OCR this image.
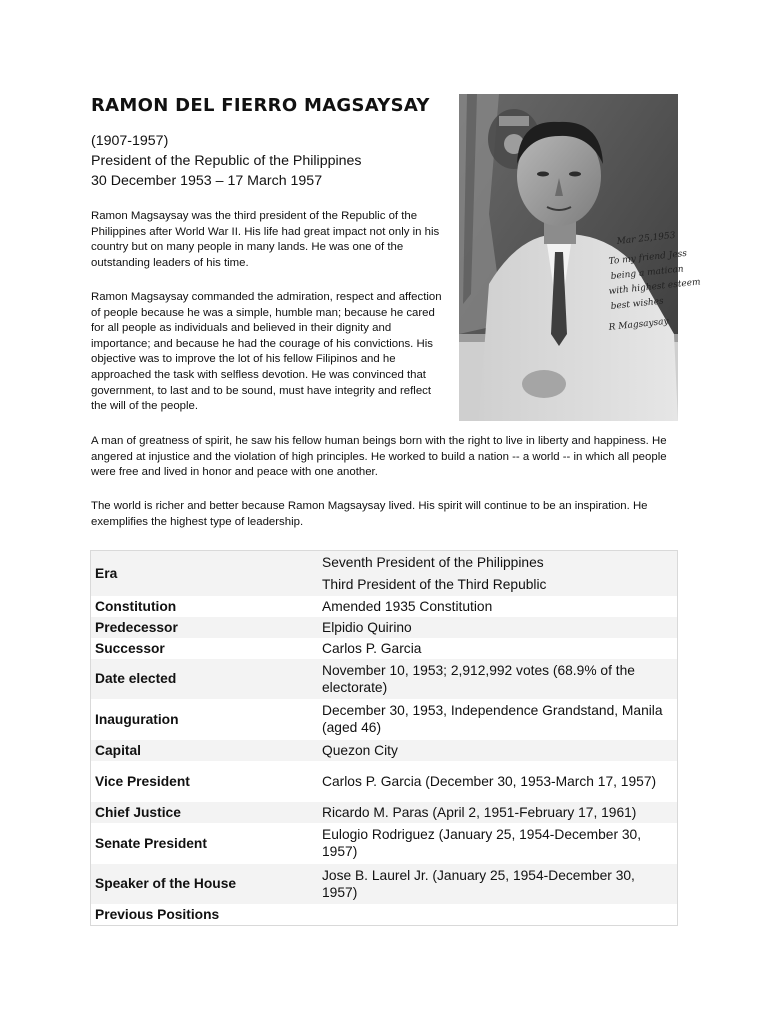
RAMON DEL FIERRO MAGSAYSAY
(1907-1957)
President of the Republic of the Philippines
30 December 1953 – 17 March 1957

Ramon Magsaysay was the third president of the Republic of the Philippines after World War II. His life had great impact not only in his country but on many people in many lands. He was one of the outstanding leaders of his time.

Ramon Magsaysay commanded the admiration, respect and affection of people because he was a simple, humble man; because he cared for all people as individuals and believed in their dignity and importance; and because he had the courage of his convictions. His objective was to improve the lot of his fellow Filipinos and he approached the task with selfless devotion. He was convinced that government, to last and to be sound, must have integrity and reflect the will of the people.

Mar 25,1953
To my friend Jess
being a matican
with highest esteem
best wishes
R Magsaysay

A man of greatness of spirit, he saw his fellow human beings born with the right to live in liberty and happiness. He angered at injustice and the violation of high principles. He worked to build a nation -- a world -- in which all people were free and lived in honor and peace with one another.

The world is richer and better because Ramon Magsaysay lived. His spirit will continue to be an inspiration. He exemplifies the highest type of leadership.

Era	Seventh President of the Philippines
	Third President of the Third Republic
Constitution	Amended 1935 Constitution
Predecessor	Elpidio Quirino
Successor	Carlos P. Garcia
Date elected	November 10, 1953; 2,912,992 votes (68.9% of the electorate)
Inauguration	December 30, 1953, Independence Grandstand, Manila (aged 46)
Capital	Quezon City
Vice President	Carlos P. Garcia (December 30, 1953-March 17, 1957)
Chief Justice	Ricardo M. Paras (April 2, 1951-February 17, 1961)
Senate President	Eulogio Rodriguez (January 25, 1954-December 30, 1957)
Speaker of the House	Jose B. Laurel Jr. (January 25, 1954-December 30, 1957)
Previous Positions	
